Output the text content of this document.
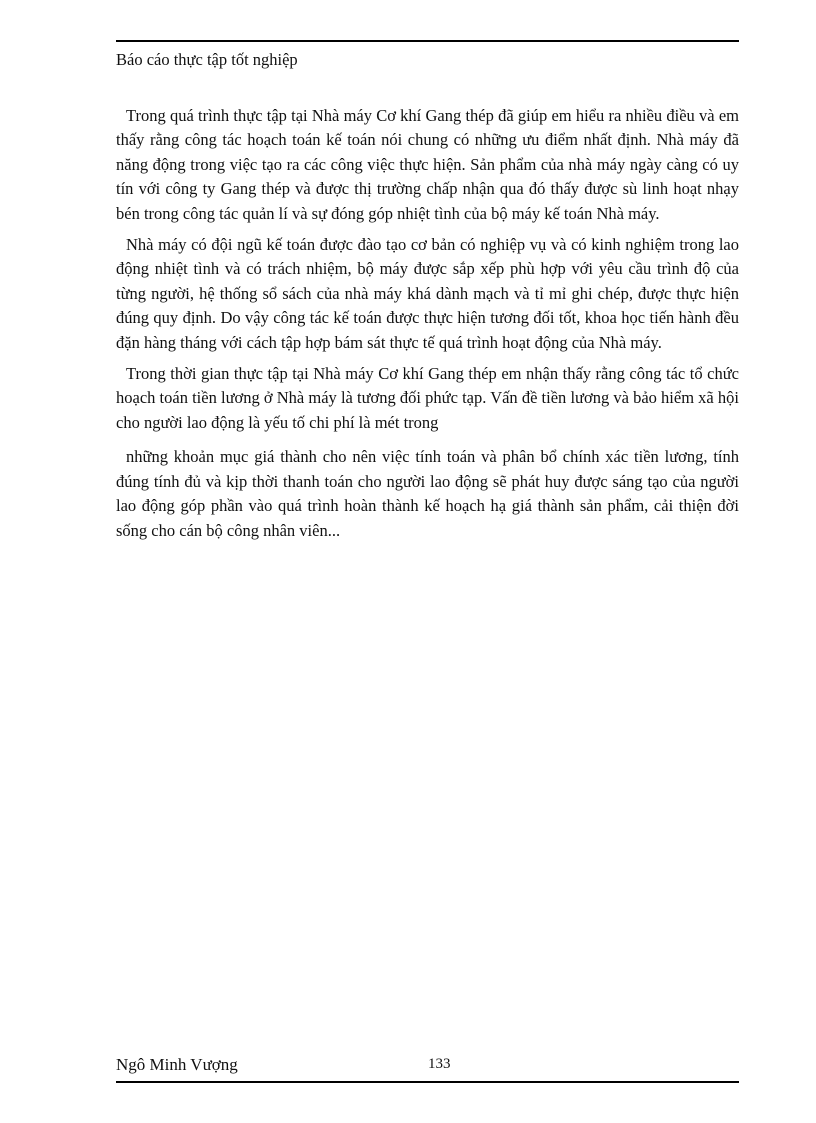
Báo cáo thực tập tốt nghiệp

Trong quá trình thực tập tại Nhà máy Cơ khí Gang thép đã giúp em hiểu ra nhiều điều và em thấy rằng công tác hoạch toán kế toán nói chung có những ưu điểm nhất định. Nhà máy đã năng động trong việc tạo ra các công việc thực hiện. Sản phẩm của nhà máy ngày càng có uy tín với công ty Gang thép và được thị trường chấp nhận qua đó thấy được sù linh hoạt nhạy bén trong công tác quản lí và sự đóng góp nhiệt tình của bộ máy kế toán Nhà máy.

Nhà máy có đội ngũ kế toán được đào tạo cơ bản có nghiệp vụ và có kinh nghiệm trong lao động nhiệt tình và có trách nhiệm, bộ máy được sắp xếp phù hợp với yêu cầu trình độ của từng người, hệ thống sổ sách của nhà máy khá dành mạch và tỉ mỉ ghi chép, được thực hiện đúng quy định. Do vậy công tác kế toán được thực hiện tương đối tốt, khoa học tiến hành đều đặn hàng tháng với cách tập hợp bám sát thực tế quá trình hoạt động của Nhà máy.

Trong thời gian thực tập tại Nhà máy Cơ khí Gang thép em nhận thấy rằng công tác tổ chức hoạch toán tiền lương ở Nhà máy là tương đối phức tạp. Vấn đề tiền lương và bảo hiểm xã hội cho người lao động là yếu tố chi phí là mét trong

những khoản mục giá thành cho nên việc tính toán và phân bổ chính xác tiền lương, tính đúng tính đủ và kịp thời thanh toán cho người lao động sẽ phát huy được sáng tạo của người lao động góp phần vào quá trình hoàn thành kế hoạch hạ giá thành sản phẩm, cải thiện đời sống cho cán bộ công nhân viên...

Ngô Minh Vượng	133
